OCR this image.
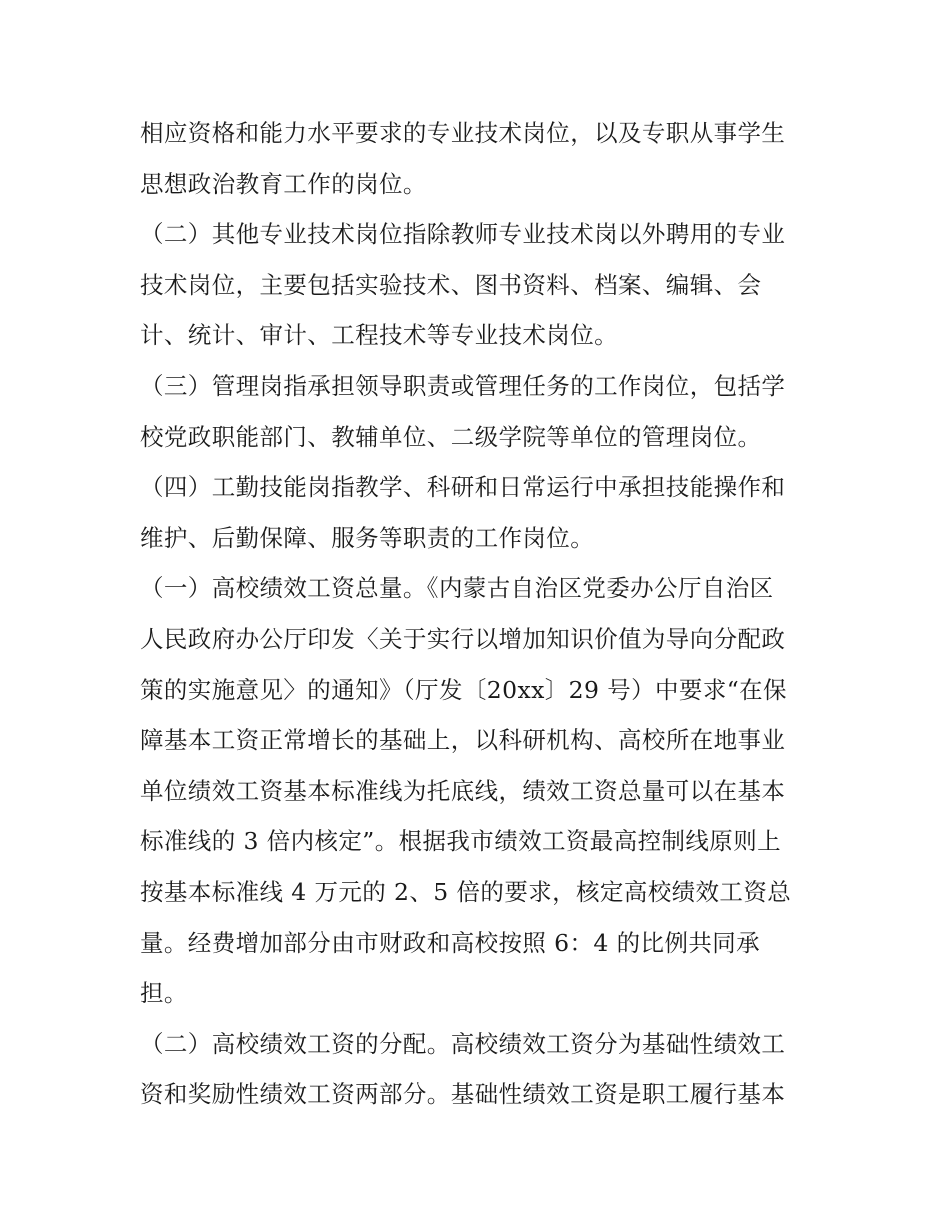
相应资格和能力水平要求的专业技术岗位，以及专职从事学生
思想政治教育工作的岗位。
（二）其他专业技术岗位指除教师专业技术岗以外聘用的专业
技术岗位，主要包括实验技术、图书资料、档案、编辑、会
计、统计、审计、工程技术等专业技术岗位。
（三）管理岗指承担领导职责或管理任务的工作岗位，包括学
校党政职能部门、教辅单位、二级学院等单位的管理岗位。
（四）工勤技能岗指教学、科研和日常运行中承担技能操作和
维护、后勤保障、服务等职责的工作岗位。
（一）高校绩效工资总量。《内蒙古自治区党委办公厅自治区
人民政府办公厅印发〈关于实行以增加知识价值为导向分配政
策的实施意见〉的通知》（厅发〔20xx〕29 号）中要求“在保
障基本工资正常增长的基础上，以科研机构、高校所在地事业
单位绩效工资基本标准线为托底线，绩效工资总量可以在基本
标准线的 3 倍内核定”。根据我市绩效工资最高控制线原则上
按基本标准线 4 万元的 2、5 倍的要求，核定高校绩效工资总
量。经费增加部分由市财政和高校按照 6：4 的比例共同承
担。
（二）高校绩效工资的分配。高校绩效工资分为基础性绩效工
资和奖励性绩效工资两部分。基础性绩效工资是职工履行基本
